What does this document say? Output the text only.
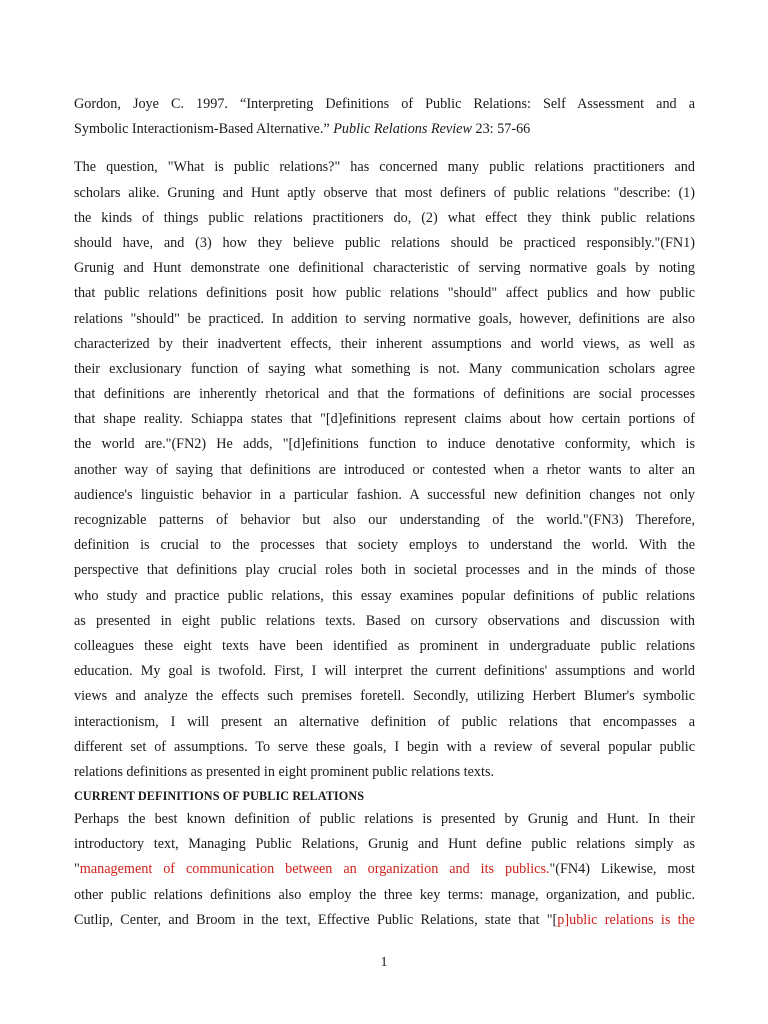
Gordon, Joye C. 1997. “Interpreting Definitions of Public Relations: Self Assessment and a
Symbolic Interactionism-Based Alternative.” Public Relations Review 23: 57-66
The question, "What is public relations?" has concerned many public relations practitioners and
scholars alike. Gruning and Hunt aptly observe that most definers of public relations "describe: (1)
the kinds of things public relations practitioners do, (2) what effect they think public relations
should have, and (3) how they believe public relations should be practiced responsibly."(FN1)
Grunig and Hunt demonstrate one definitional characteristic of serving normative goals by noting
that public relations definitions posit how public relations "should" affect publics and how public
relations "should" be practiced. In addition to serving normative goals, however, definitions are also
characterized by their inadvertent effects, their inherent assumptions and world views, as well as
their exclusionary function of saying what something is not. Many communication scholars agree
that definitions are inherently rhetorical and that the formations of definitions are social processes
that shape reality. Schiappa states that "[d]efinitions represent claims about how certain portions of
the world are."(FN2) He adds, "[d]efinitions function to induce denotative conformity, which is
another way of saying that definitions are introduced or contested when a rhetor wants to alter an
audience's linguistic behavior in a particular fashion. A successful new definition changes not only
recognizable patterns of behavior but also our understanding of the world."(FN3) Therefore,
definition is crucial to the processes that society employs to understand the world. With the
perspective that definitions play crucial roles both in societal processes and in the minds of those
who study and practice public relations, this essay examines popular definitions of public relations
as presented in eight public relations texts. Based on cursory observations and discussion with
colleagues these eight texts have been identified as prominent in undergraduate public relations
education. My goal is twofold. First, I will interpret the current definitions' assumptions and world
views and analyze the effects such premises foretell. Secondly, utilizing Herbert Blumer's symbolic
interactionism, I will present an alternative definition of public relations that encompasses a
different set of assumptions. To serve these goals, I begin with a review of several popular public
relations definitions as presented in eight prominent public relations texts.
CURRENT DEFINITIONS OF PUBLIC RELATIONS
Perhaps the best known definition of public relations is presented by Grunig and Hunt. In their
introductory text, Managing Public Relations, Grunig and Hunt define public relations simply as
"management of communication between an organization and its publics."(FN4) Likewise, most
other public relations definitions also employ the three key terms: manage, organization, and public.
Cutlip, Center, and Broom in the text, Effective Public Relations, state that "[p]ublic relations is the
1
